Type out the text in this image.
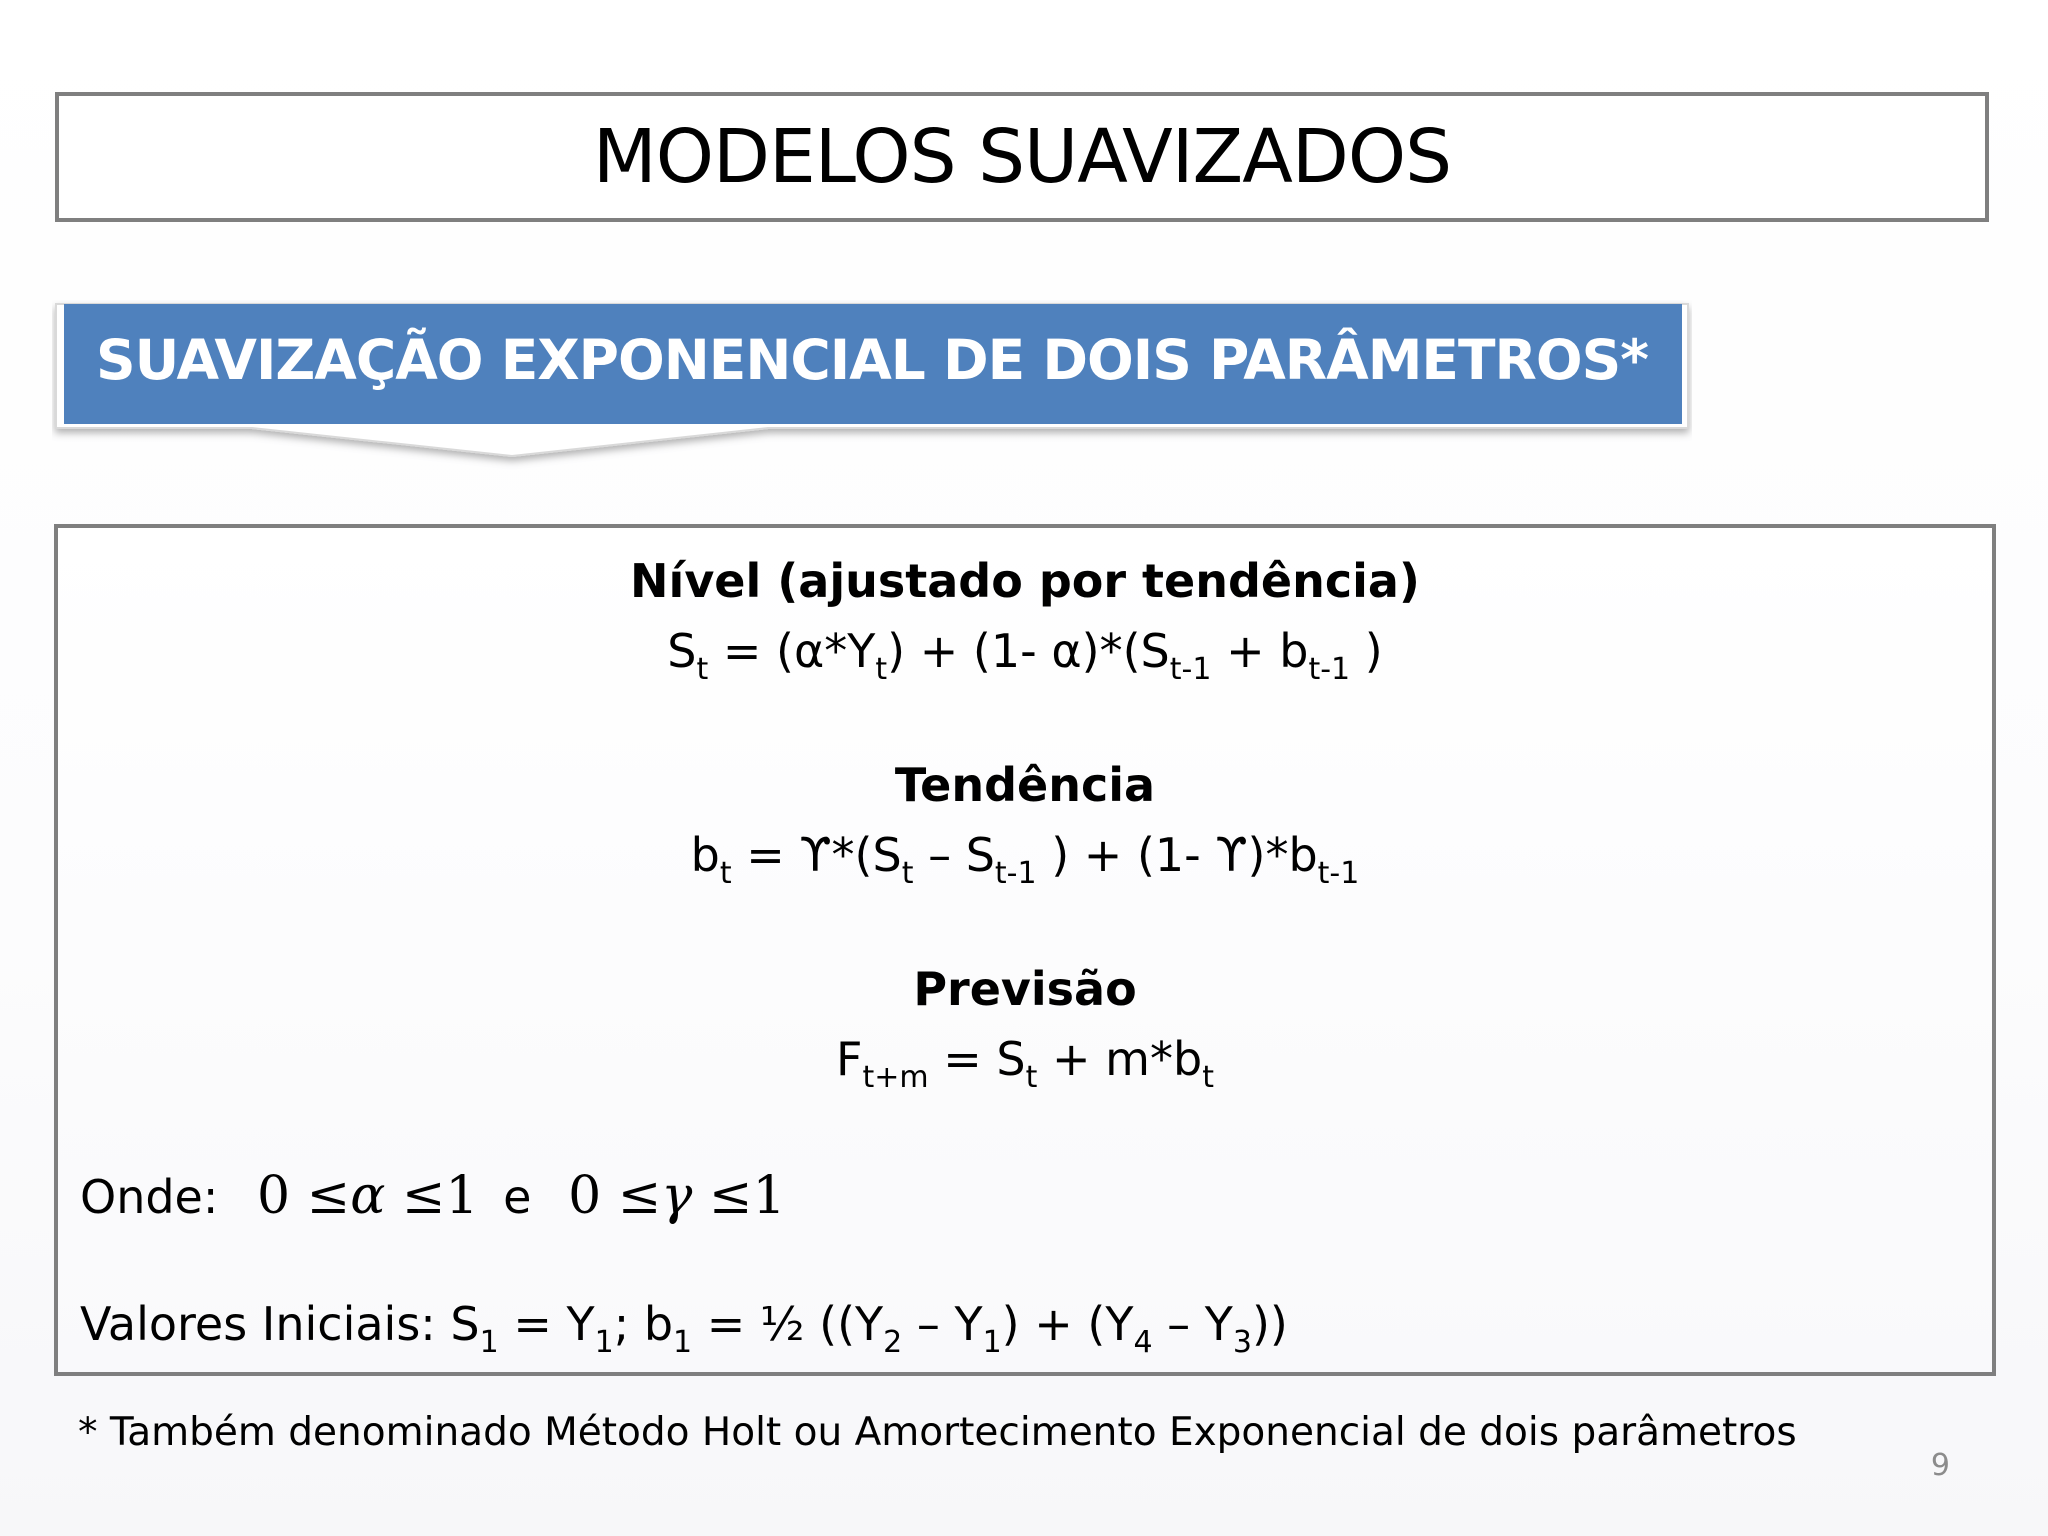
MODELOS SUAVIZADOS
SUAVIZAÇÃO EXPONENCIAL DE DOIS PARÂMETROS*
Nível (ajustado por tendência)
$S_t = (\alpha*Y_t) + (1-$ $\alpha)*(S_{t-1} + b_{t-1}$ )
Tendência
$b_t = ϒ*(S_t - S_{t-1}$ ) + (1- $ϒ)*b_{t-1}$
Previsão
$F_{t+m} = S_t + m*b_t$
Onde: 0 ≤α ≤1 e 0 ≤γ ≤1
Valores Iniciais: $S_1 = Y_1$; $b_1$ = ½ $((Y_2 - Y_1) + (Y_4 - Y_3))$
* Também denominado Método Holt ou Amortecimento Exponencial de dois parâmetros
9
